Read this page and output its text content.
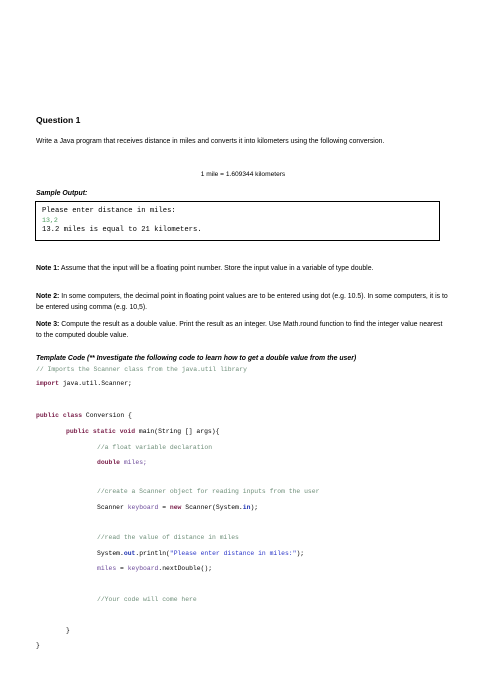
Question 1
Write a Java program that receives distance in miles and converts it into kilometers using the following conversion.
1 mile = 1.609344 kilometers
Sample Output:
Please enter distance in miles:
13,2
13.2 miles is equal to 21 kilometers.
Note 1: Assume that the input will be a floating point number. Store the input value in a variable of type double.
Note 2: In some computers, the decimal point in floating point values are to be entered using dot (e.g. 10.5). In some computers, it is to be entered using comma (e.g. 10,5).
Note 3: Compute the result as a double value. Print the result as an integer. Use Math.round function to find the integer value nearest to the computed double value.
Template Code (** Investigate the following code to learn how to get a double value from the user)
// Imports the Scanner class from the java.util library
import java.util.Scanner;
public class Conversion {
public static void main(String [] args){
//a float variable declaration
double miles;
//create a Scanner object for reading inputs from the user
Scanner keyboard = new Scanner(System.in);
//read the value of distance in miles
System.out.println("Please enter distance in miles:");
miles = keyboard.nextDouble();
//Your code will come here
}
}
